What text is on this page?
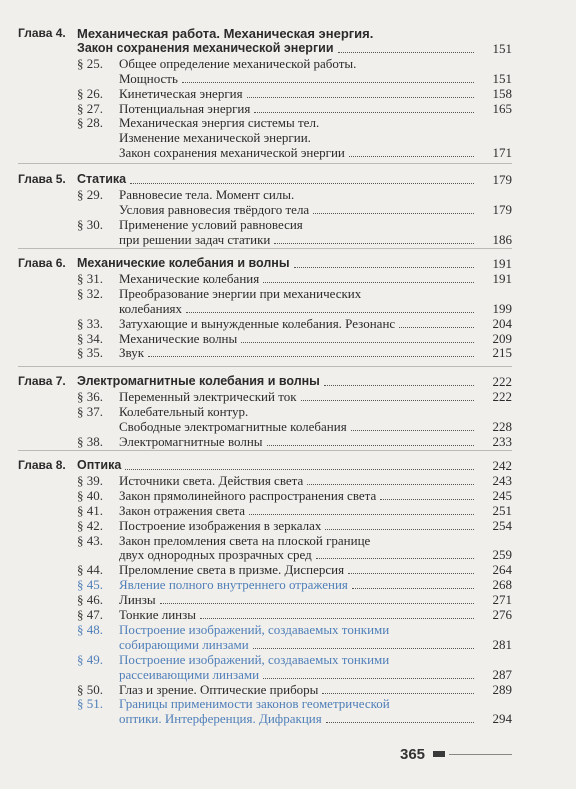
Глава 4. Механическая работа. Механическая энергия.
Закон сохранения механической энергии	151
§ 25.	Общее определение механической работы.
Мощность	151
§ 26.	Кинетическая энергия	158
§ 27.	Потенциальная энергия	165
§ 28.	Механическая энергия системы тел.
Изменение механической энергии.
Закон сохранения механической энергии	171
Глава 5. Статика	179
§ 29.	Равновесие тела. Момент силы.
Условия равновесия твёрдого тела	179
§ 30.	Применение условий равновесия
при решении задач статики	186
Глава 6. Механические колебания и волны	191
§ 31.	Механические колебания	191
§ 32.	Преобразование энергии при механических
колебаниях	199
§ 33.	Затухающие и вынужденные колебания. Резонанс	204
§ 34.	Механические волны	209
§ 35.	Звук	215
Глава 7. Электромагнитные колебания и волны	222
§ 36.	Переменный электрический ток	222
§ 37.	Колебательный контур.
Свободные электромагнитные колебания	228
§ 38.	Электромагнитные волны	233
Глава 8. Оптика	242
§ 39.	Источники света. Действия света	243
§ 40.	Закон прямолинейного распространения света	245
§ 41.	Закон отражения света	251
§ 42.	Построение изображения в зеркалах	254
§ 43.	Закон преломления света на плоской границе
двух однородных прозрачных сред	259
§ 44.	Преломление света в призме. Дисперсия	264
§ 45.	Явление полного внутреннего отражения	268
§ 46.	Линзы	271
§ 47.	Тонкие линзы	276
§ 48.	Построение изображений, создаваемых тонкими
собирающими линзами	281
§ 49.	Построение изображений, создаваемых тонкими
рассеивающими линзами	287
§ 50.	Глаз и зрение. Оптические приборы	289
§ 51.	Границы применимости законов геометрической
оптики. Интерференция. Дифракция	294
365
